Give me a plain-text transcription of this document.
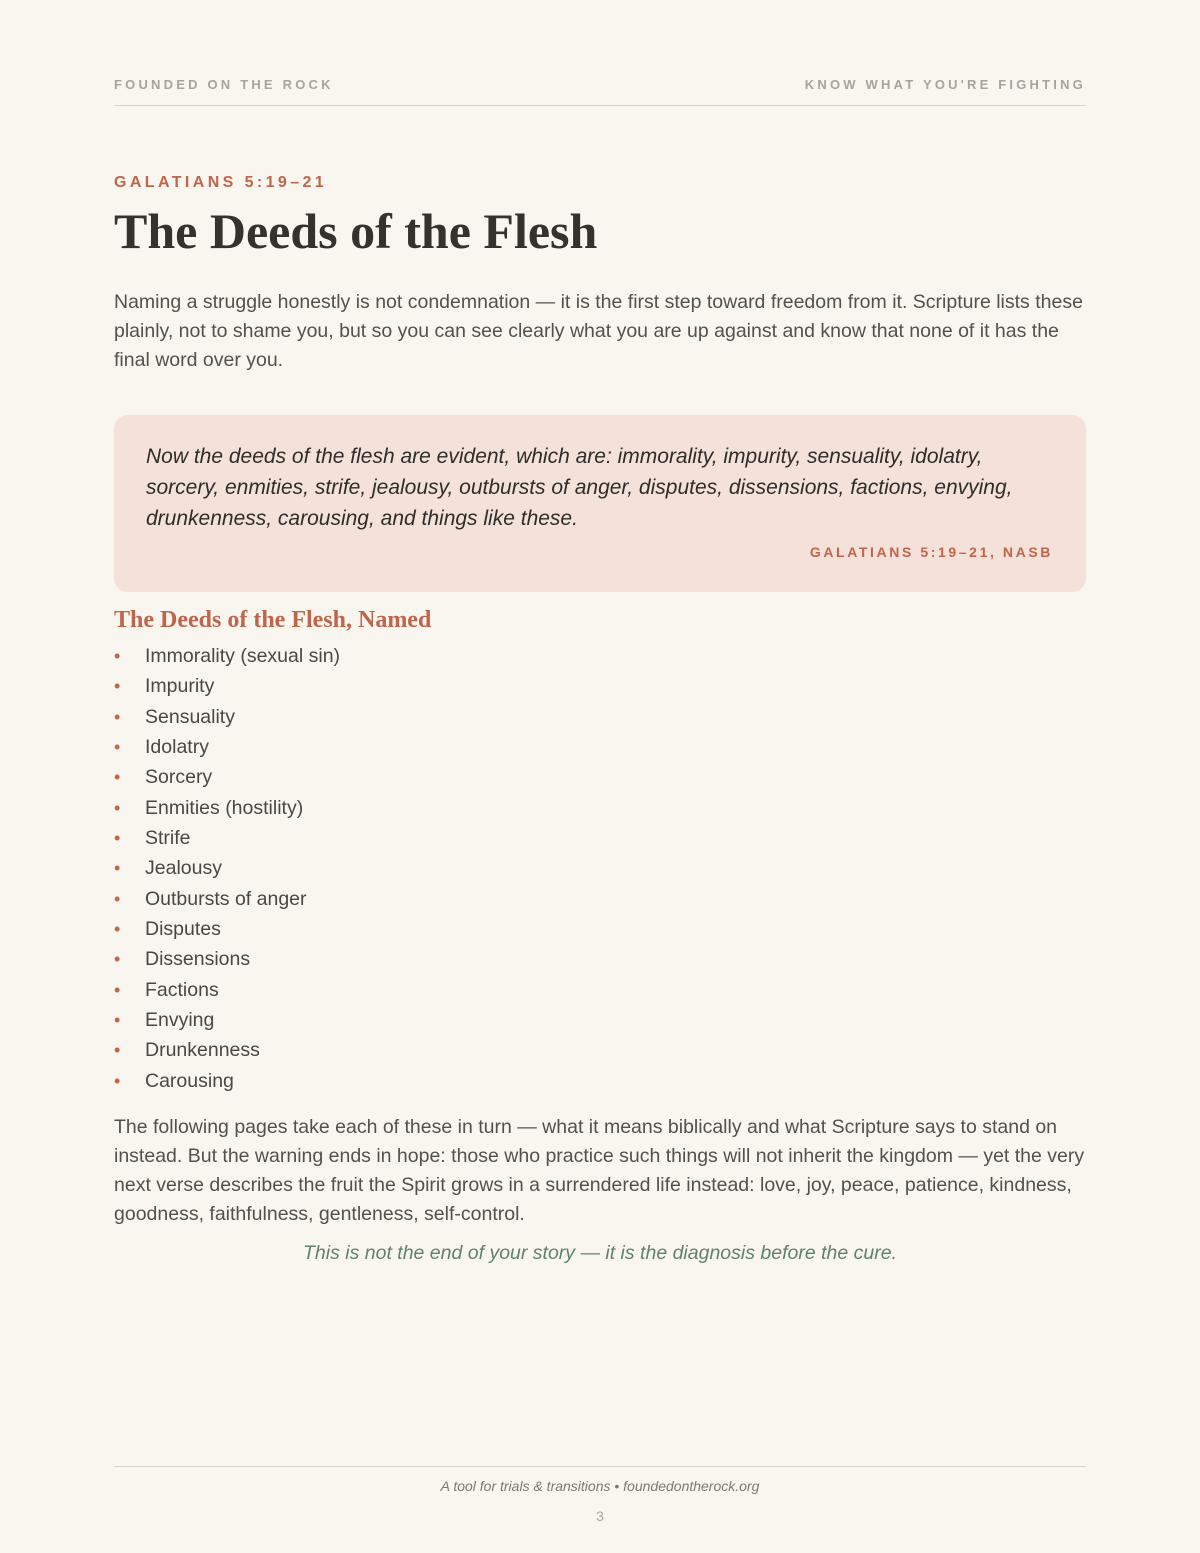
FOUNDED ON THE ROCK	KNOW WHAT YOU'RE FIGHTING
GALATIANS 5:19–21
The Deeds of the Flesh

Naming a struggle honestly is not condemnation — it is the first step toward freedom from it. Scripture lists these plainly, not to shame you, but so you can see clearly what you are up against and know that none of it has the final word over you.

Now the deeds of the flesh are evident, which are: immorality, impurity, sensuality, idolatry, sorcery, enmities, strife, jealousy, outbursts of anger, disputes, dissensions, factions, envying, drunkenness, carousing, and things like these.

GALATIANS 5:19–21, NASB
The Deeds of the Flesh, Named
• Immorality (sexual sin)
• Impurity
• Sensuality
• Idolatry
• Sorcery
• Enmities (hostility)
• Strife
• Jealousy
• Outbursts of anger
• Disputes
• Dissensions
• Factions
• Envying
• Drunkenness
• Carousing

The following pages take each of these in turn — what it means biblically and what Scripture says to stand on instead. But the warning ends in hope: those who practice such things will not inherit the kingdom — yet the very next verse describes the fruit the Spirit grows in a surrendered life instead: love, joy, peace, patience, kindness, goodness, faithfulness, gentleness, self-control.

This is not the end of your story — it is the diagnosis before the cure.

A tool for trials & transitions • foundedontherock.org
3
